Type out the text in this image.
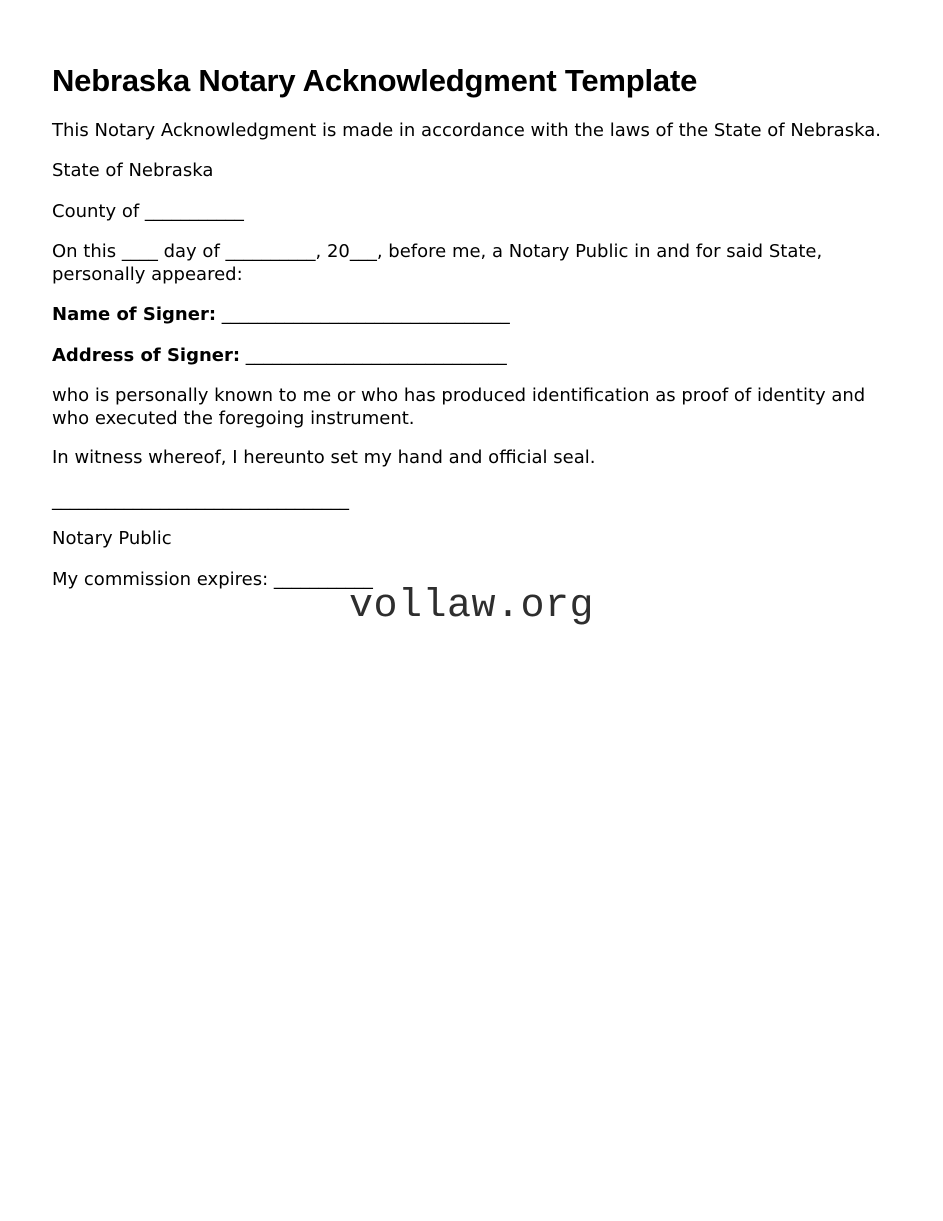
Nebraska Notary Acknowledgment Template

This Notary Acknowledgment is made in accordance with the laws of the State of Nebraska.

State of Nebraska

County of ___________

On this ____ day of __________, 20___, before me, a Notary Public in and for said State, personally appeared:

Name of Signer: ________________________________

Address of Signer: _____________________________

who is personally known to me or who has produced identification as proof of identity and who executed the foregoing instrument.

In witness whereof, I hereunto set my hand and official seal.

_________________________________

Notary Public

My commission expires: ___________

vollaw.org
